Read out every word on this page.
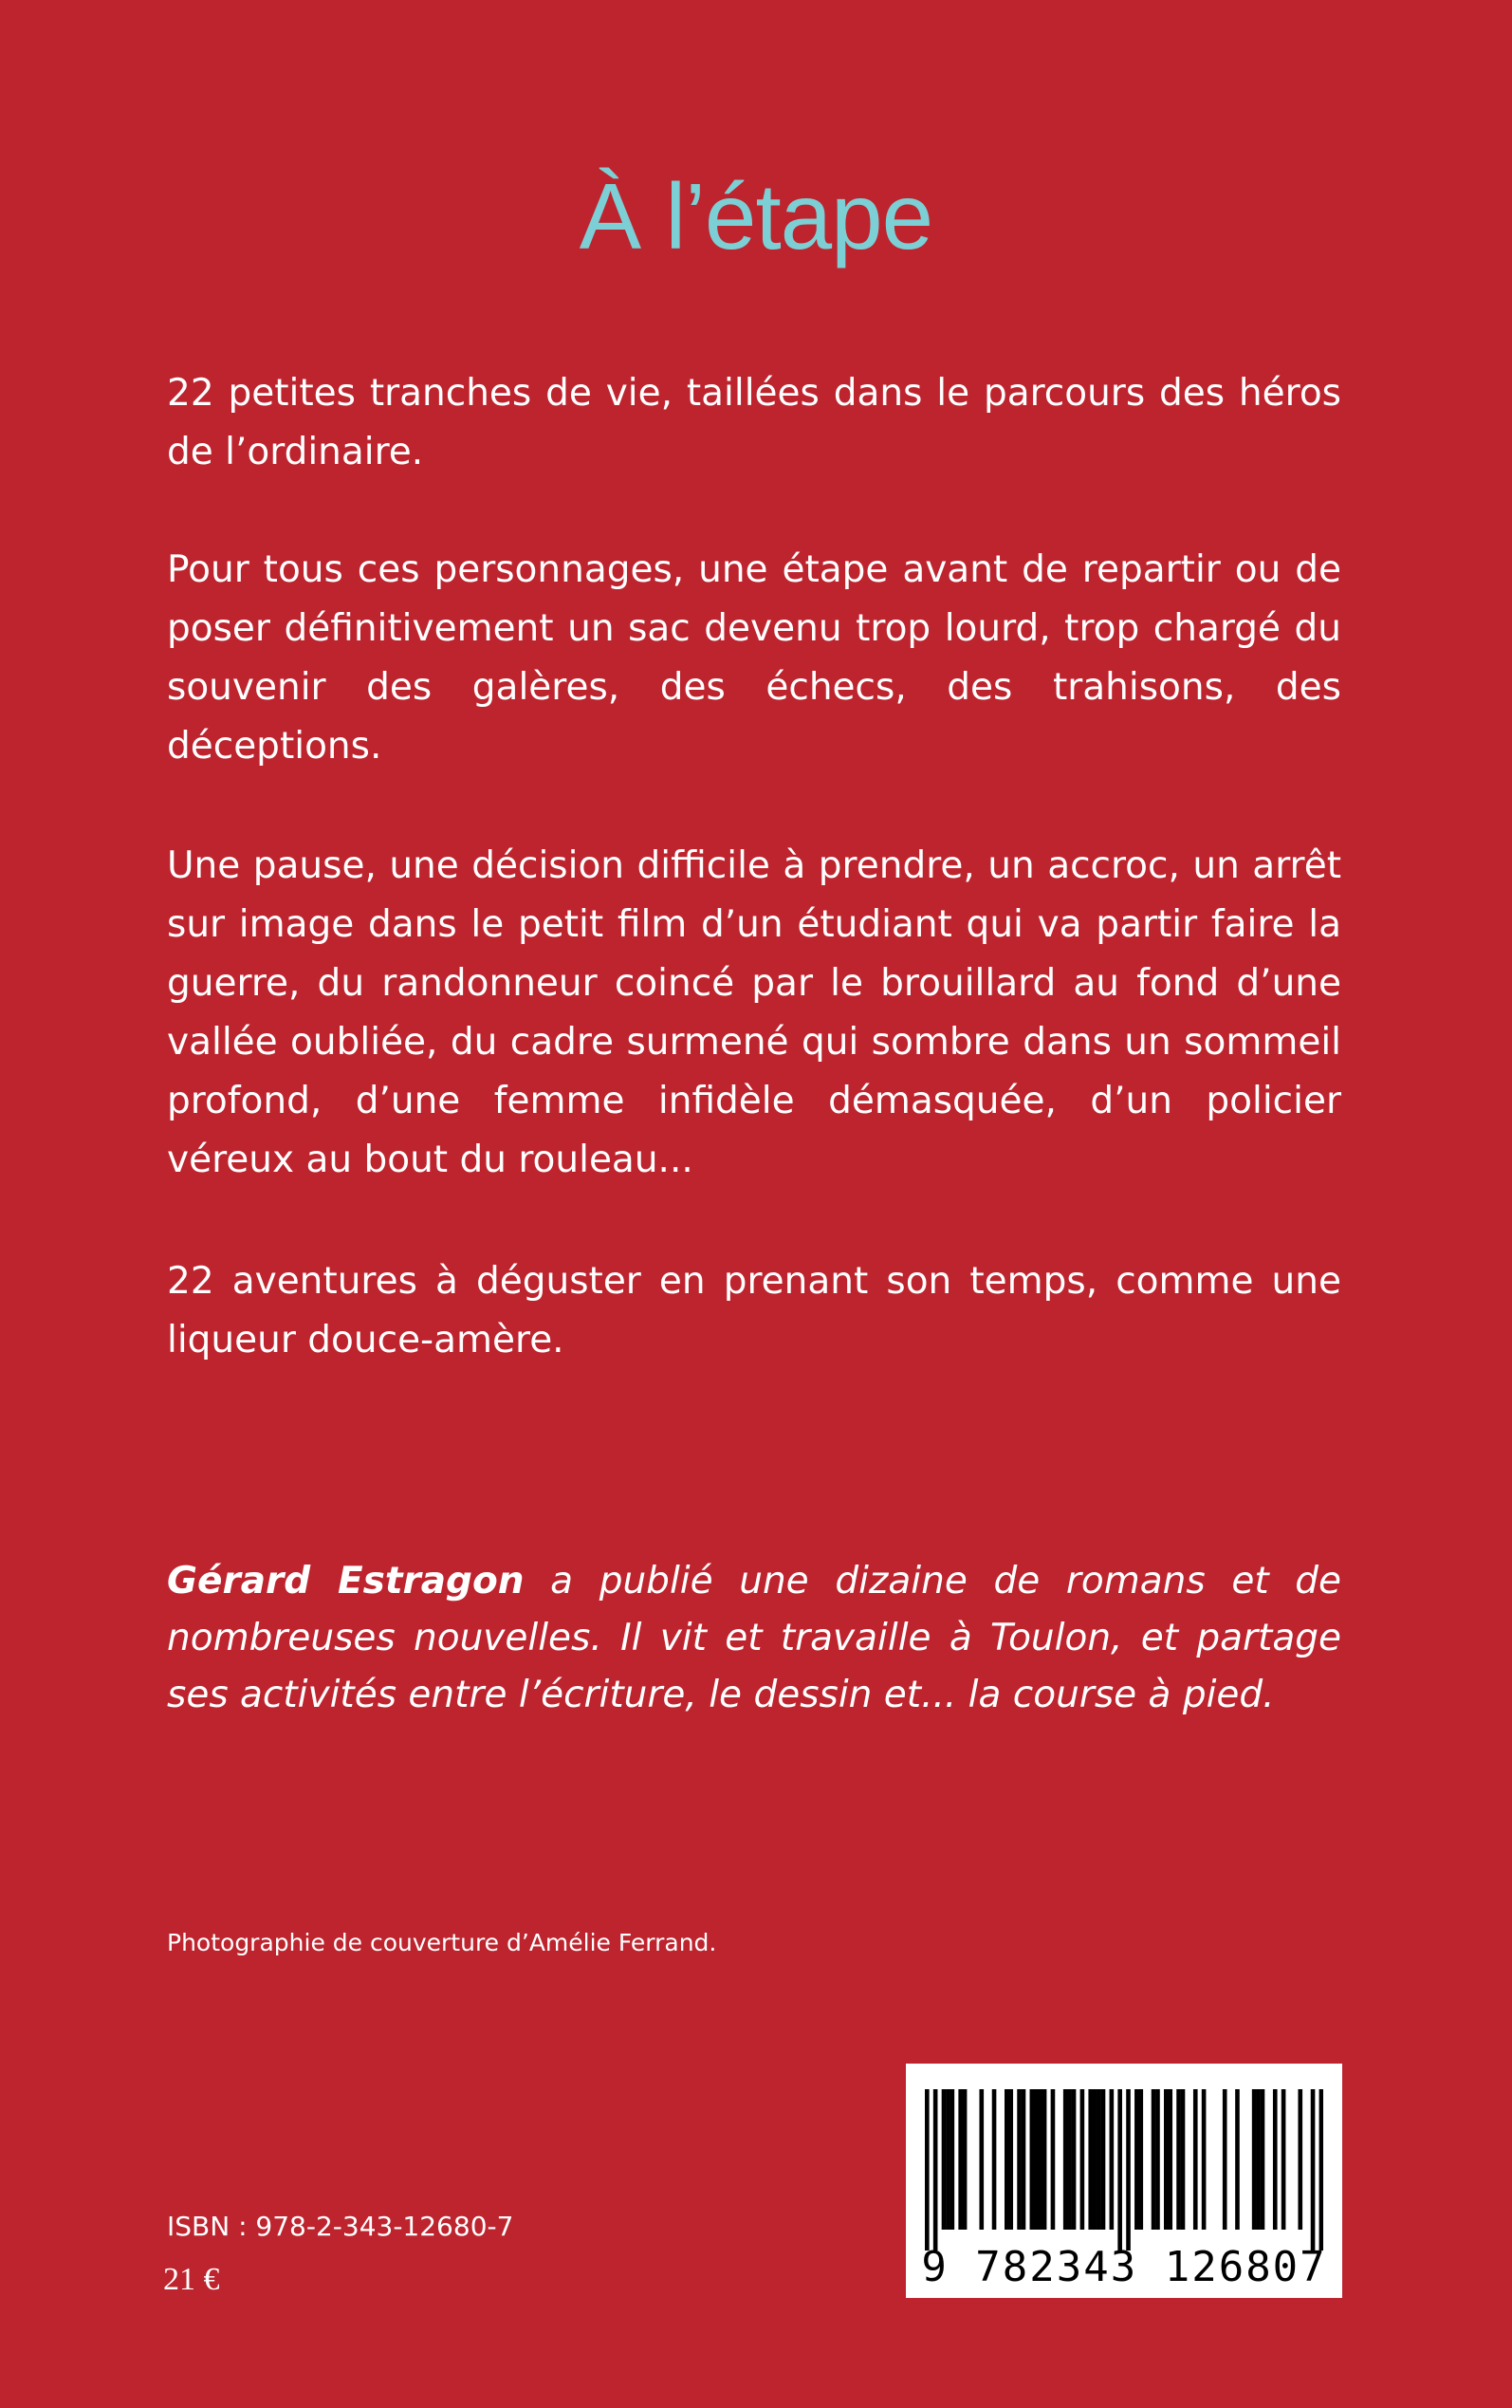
À l’étape

22 petites tranches de vie, taillées dans le parcours des héros de l’ordinaire.

Pour tous ces personnages, une étape avant de repartir ou de poser définitivement un sac devenu trop lourd, trop chargé du souvenir des galères, des échecs, des trahisons, des déceptions.

Une pause, une décision difficile à prendre, un accroc, un arrêt sur image dans le petit film d’un étudiant qui va partir faire la guerre, du randonneur coincé par le brouillard au fond d’une vallée oubliée, du cadre surmené qui sombre dans un sommeil profond, d’une femme infidèle démasquée, d’un policier véreux au bout du rouleau...

22 aventures à déguster en prenant son temps, comme une liqueur douce-amère.

Gérard Estragon a publié une dizaine de romans et de nombreuses nouvelles. Il vit et travaille à Toulon, et partage ses activités entre l’écriture, le dessin et... la course à pied.

Photographie de couverture d’Amélie Ferrand.

ISBN : 978-2-343-12680-7

21 €	9 782343 126807
